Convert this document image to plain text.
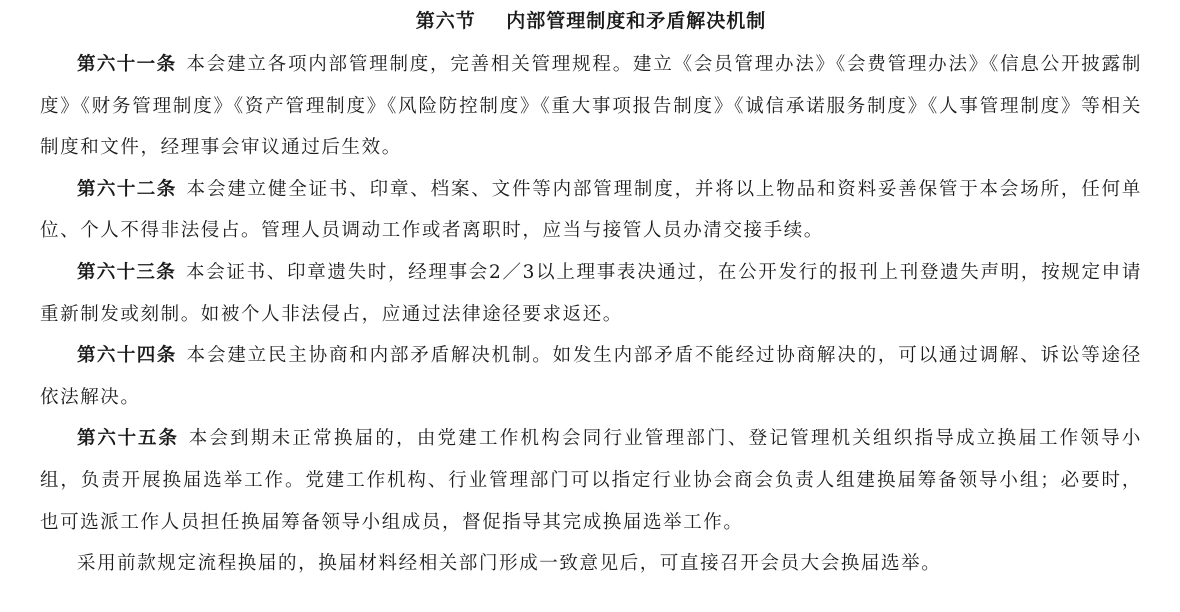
第六节    内部管理制度和矛盾解决机制

第六十一条 本会建立各项内部管理制度，完善相关管理规程。建立《会员管理办法》《会费管理办法》《信息公开披露制度》《财务管理制度》《资产管理制度》《风险防控制度》《重大事项报告制度》《诚信承诺服务制度》《人事管理制度》等相关制度和文件，经理事会审议通过后生效。

第六十二条 本会建立健全证书、印章、档案、文件等内部管理制度，并将以上物品和资料妥善保管于本会场所，任何单位、个人不得非法侵占。管理人员调动工作或者离职时，应当与接管人员办清交接手续。

第六十三条 本会证书、印章遗失时，经理事会2／3以上理事表决通过，在公开发行的报刊上刊登遗失声明，按规定申请重新制发或刻制。如被个人非法侵占，应通过法律途径要求返还。

第六十四条 本会建立民主协商和内部矛盾解决机制。如发生内部矛盾不能经过协商解决的，可以通过调解、诉讼等途径依法解决。

第六十五条 本会到期未正常换届的，由党建工作机构会同行业管理部门、登记管理机关组织指导成立换届工作领导小组，负责开展换届选举工作。党建工作机构、行业管理部门可以指定行业协会商会负责人组建换届筹备领导小组；必要时，也可选派工作人员担任换届筹备领导小组成员，督促指导其完成换届选举工作。

采用前款规定流程换届的，换届材料经相关部门形成一致意见后，可直接召开会员大会换届选举。
